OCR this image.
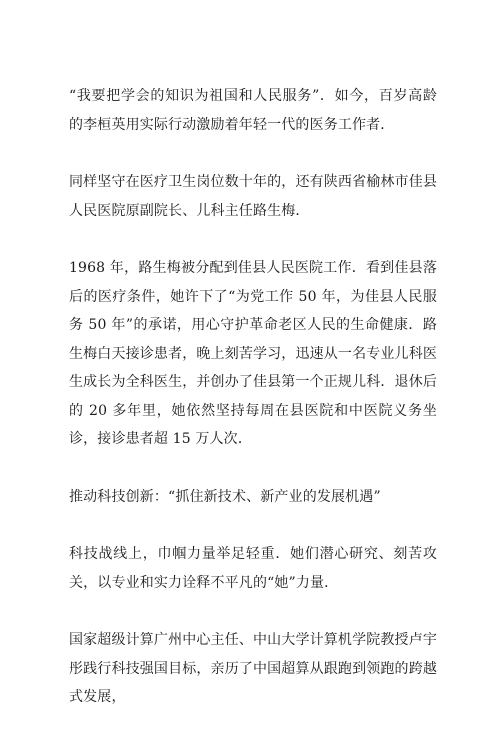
“我要把学会的知识为祖国和人民服务”．如今，百岁高龄的李桓英用实际行动激励着年轻一代的医务工作者．

同样坚守在医疗卫生岗位数十年的，还有陕西省榆林市佳县人民医院原副院长、儿科主任路生梅．

1968 年，路生梅被分配到佳县人民医院工作．看到佳县落后的医疗条件，她许下了“为党工作 50 年，为佳县人民服务 50 年”的承诺，用心守护革命老区人民的生命健康．路生梅白天接诊患者，晚上刻苦学习，迅速从一名专业儿科医生成长为全科医生，并创办了佳县第一个正规儿科．退休后的 20 多年里，她依然坚持每周在县医院和中医院义务坐诊，接诊患者超 15 万人次．

推动科技创新：“抓住新技术、新产业的发展机遇”

科技战线上，巾帼力量举足轻重．她们潜心研究、刻苦攻关，以专业和实力诠释不平凡的“她”力量．

国家超级计算广州中心主任、中山大学计算机学院教授卢宇彤践行科技强国目标，亲历了中国超算从跟跑到领跑的跨越式发展，
